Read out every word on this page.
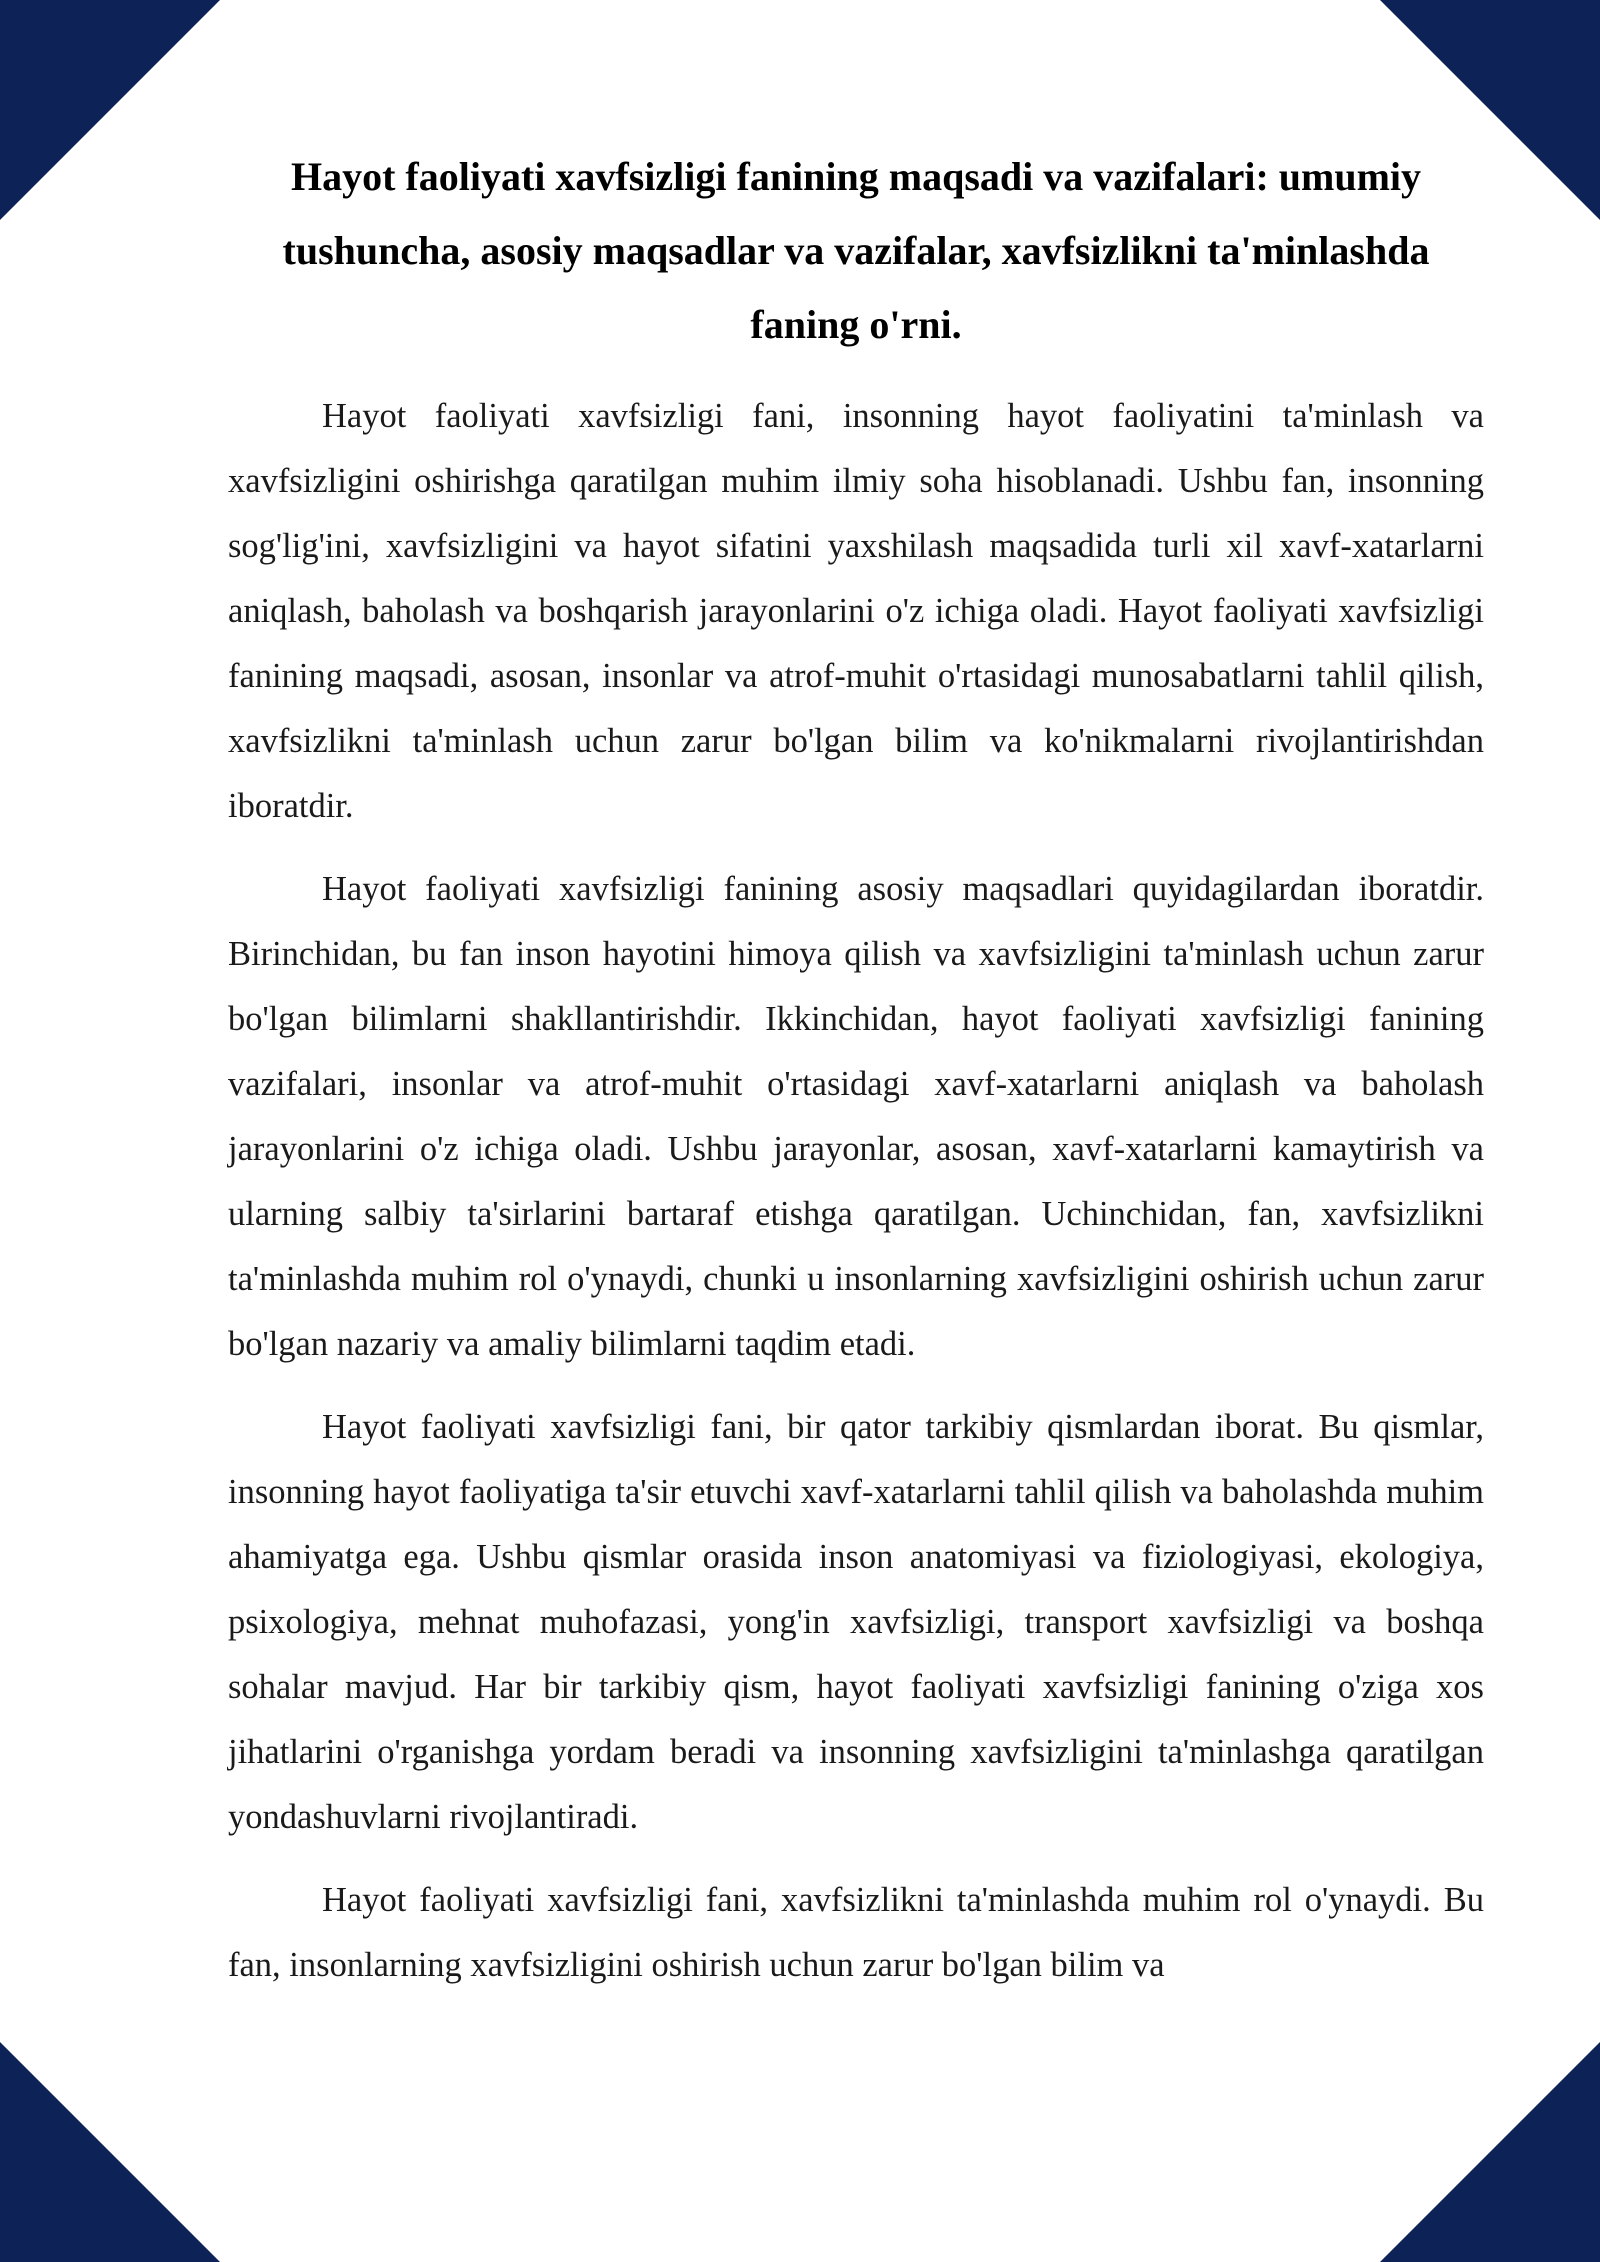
Hayot faoliyati xavfsizligi fanining maqsadi va vazifalari: umumiy tushuncha, asosiy maqsadlar va vazifalar, xavfsizlikni ta'minlashda faning o'rni.

Hayot faoliyati xavfsizligi fani, insonning hayot faoliyatini ta'minlash va xavfsizligini oshirishga qaratilgan muhim ilmiy soha hisoblanadi. Ushbu fan, insonning sog'lig'ini, xavfsizligini va hayot sifatini yaxshilash maqsadida turli xil xavf-xatarlarni aniqlash, baholash va boshqarish jarayonlarini o'z ichiga oladi. Hayot faoliyati xavfsizligi fanining maqsadi, asosan, insonlar va atrof-muhit o'rtasidagi munosabatlarni tahlil qilish, xavfsizlikni ta'minlash uchun zarur bo'lgan bilim va ko'nikmalarni rivojlantirishdan iboratdir.

Hayot faoliyati xavfsizligi fanining asosiy maqsadlari quyidagilardan iboratdir. Birinchidan, bu fan inson hayotini himoya qilish va xavfsizligini ta'minlash uchun zarur bo'lgan bilimlarni shakllantirishdir. Ikkinchidan, hayot faoliyati xavfsizligi fanining vazifalari, insonlar va atrof-muhit o'rtasidagi xavf-xatarlarni aniqlash va baholash jarayonlarini o'z ichiga oladi. Ushbu jarayonlar, asosan, xavf-xatarlarni kamaytirish va ularning salbiy ta'sirlarini bartaraf etishga qaratilgan. Uchinchidan, fan, xavfsizlikni ta'minlashda muhim rol o'ynaydi, chunki u insonlarning xavfsizligini oshirish uchun zarur bo'lgan nazariy va amaliy bilimlarni taqdim etadi.

Hayot faoliyati xavfsizligi fani, bir qator tarkibiy qismlardan iborat. Bu qismlar, insonning hayot faoliyatiga ta'sir etuvchi xavf-xatarlarni tahlil qilish va baholashda muhim ahamiyatga ega. Ushbu qismlar orasida inson anatomiyasi va fiziologiyasi, ekologiya, psixologiya, mehnat muhofazasi, yong'in xavfsizligi, transport xavfsizligi va boshqa sohalar mavjud. Har bir tarkibiy qism, hayot faoliyati xavfsizligi fanining o'ziga xos jihatlarini o'rganishga yordam beradi va insonning xavfsizligini ta'minlashga qaratilgan yondashuvlarni rivojlantiradi.

Hayot faoliyati xavfsizligi fani, xavfsizlikni ta'minlashda muhim rol o'ynaydi. Bu fan, insonlarning xavfsizligini oshirish uchun zarur bo'lgan bilim va
